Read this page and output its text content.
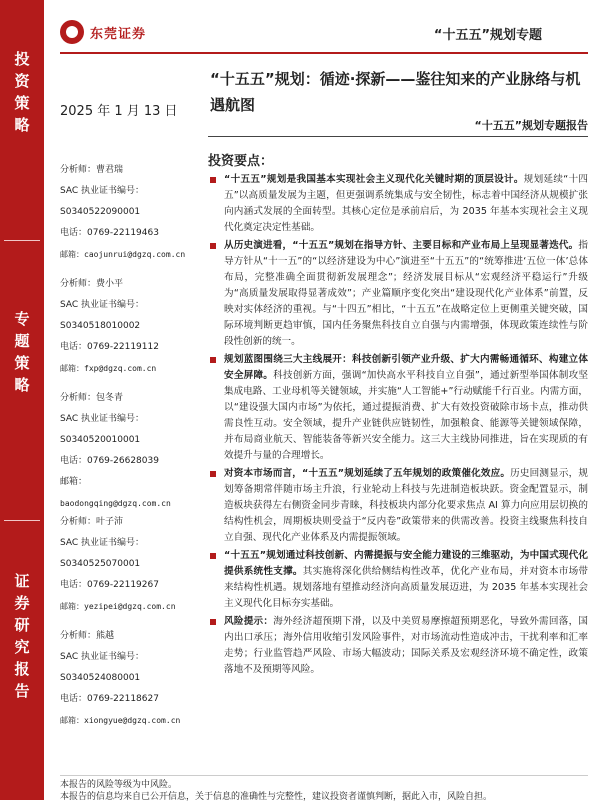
投
资
策
略
专
题
策
略
证
券
研
究
报
告
东莞证券	“十五五”规划专题
2025 年 1 月 13 日
“十五五”规划：循迹·探新——鉴往知来的产业脉络与机遇航图
“十五五”规划专题报告
分析师：曹君瑞
SAC 执业证书编号：
S0340522090001
电话：0769-22119463
邮箱：caojunrui@dgzq.com.cn
分析师：费小平
SAC 执业证书编号：
S0340518010002
电话：0769-22119112
邮箱：fxp@dgzq.com.cn
分析师：包冬青
SAC 执业证书编号：
S0340520010001
电话：0769-26628039
邮箱：
baodongqing@dgzq.com.cn
分析师：叶子沛
SAC 执业证书编号：
S0340525070001
电话：0769-22119267
邮箱：yezipei@dgzq.com.cn
分析师：熊越
SAC 执业证书编号：
S0340524080001
电话：0769-22118627
邮箱：xiongyue@dgzq.com.cn
投资要点：
“十五五”规划是我国基本实现社会主义现代化关键时期的顶层设计。规划延续“十四五”以高质量发展为主题，但更强调系统集成与安全韧性，标志着中国经济从规模扩张向内涵式发展的全面转型。其核心定位是承前启后，为 2035 年基本实现社会主义现代化奠定决定性基础。
从历史演进看，“十五五”规划在指导方针、主要目标和产业布局上呈现显著迭代。指导方针从“十一五”的“以经济建设为中心”演进至“十五五”的“统筹推进‘五位一体’总体布局，完整准确全面贯彻新发展理念”；经济发展目标从“宏观经济平稳运行”升级为“高质量发展取得显著成效”；产业篇顺序变化突出“建设现代化产业体系”前置，反映对实体经济的重视。与“十四五”相比，“十五五”在战略定位上更侧重关键突破，国际环境判断更趋审慎，国内任务聚焦科技自立自强与内需增强，体现政策连续性与阶段性创新的统一。
规划蓝图围绕三大主线展开：科技创新引领产业升级、扩大内需畅通循环、构建立体安全屏障。科技创新方面，强调“加快高水平科技自立自强”，通过新型举国体制攻坚集成电路、工业母机等关键领域，并实施“人工智能+”行动赋能千行百业。内需方面，以“建设强大国内市场”为依托，通过提振消费、扩大有效投资破除市场卡点，推动供需良性互动。安全领域，提升产业链供应链韧性，加强粮食、能源等关键领域保障，并布局商业航天、智能装备等新兴安全能力。这三大主线协同推进，旨在实现质的有效提升与量的合理增长。
对资本市场而言，“十五五”规划延续了五年规划的政策催化效应。历史回测显示，规划筹备期常伴随市场主升浪，行业轮动上科技与先进制造板块跃。资金配置显示，制造板块获得左右侧资金同步青睐，科技板块内部分化要求焦点 AI 算力向应用层切换的结构性机会，周期板块则受益于“反内卷”政策带来的供需改善。投资主线聚焦科技自立自强、现代化产业体系及内需提振领域。
“十五五”规划通过科技创新、内需提振与安全能力建设的三维驱动，为中国式现代化提供系统性支撑。其实施将深化供给侧结构性改革，优化产业布局，并对资本市场带来结构性机遇。规划落地有望推动经济向高质量发展迈进，为 2035 年基本实现社会主义现代化目标夯实基础。
风险提示：海外经济超预期下滑，以及中美贸易摩擦超预期恶化，导致外需回落，国内出口承压；海外信用收缩引发风险事件，对市场流动性造成冲击，干扰利率和汇率走势；行业监管趋严风险、市场大幅波动；国际关系及宏观经济环境不确定性，政策落地不及预期等风险。
本报告的风险等级为中风险。
本报告的信息均来自已公开信息，关于信息的准确性与完整性，建议投资者谨慎判断，据此入市，风险自担。
